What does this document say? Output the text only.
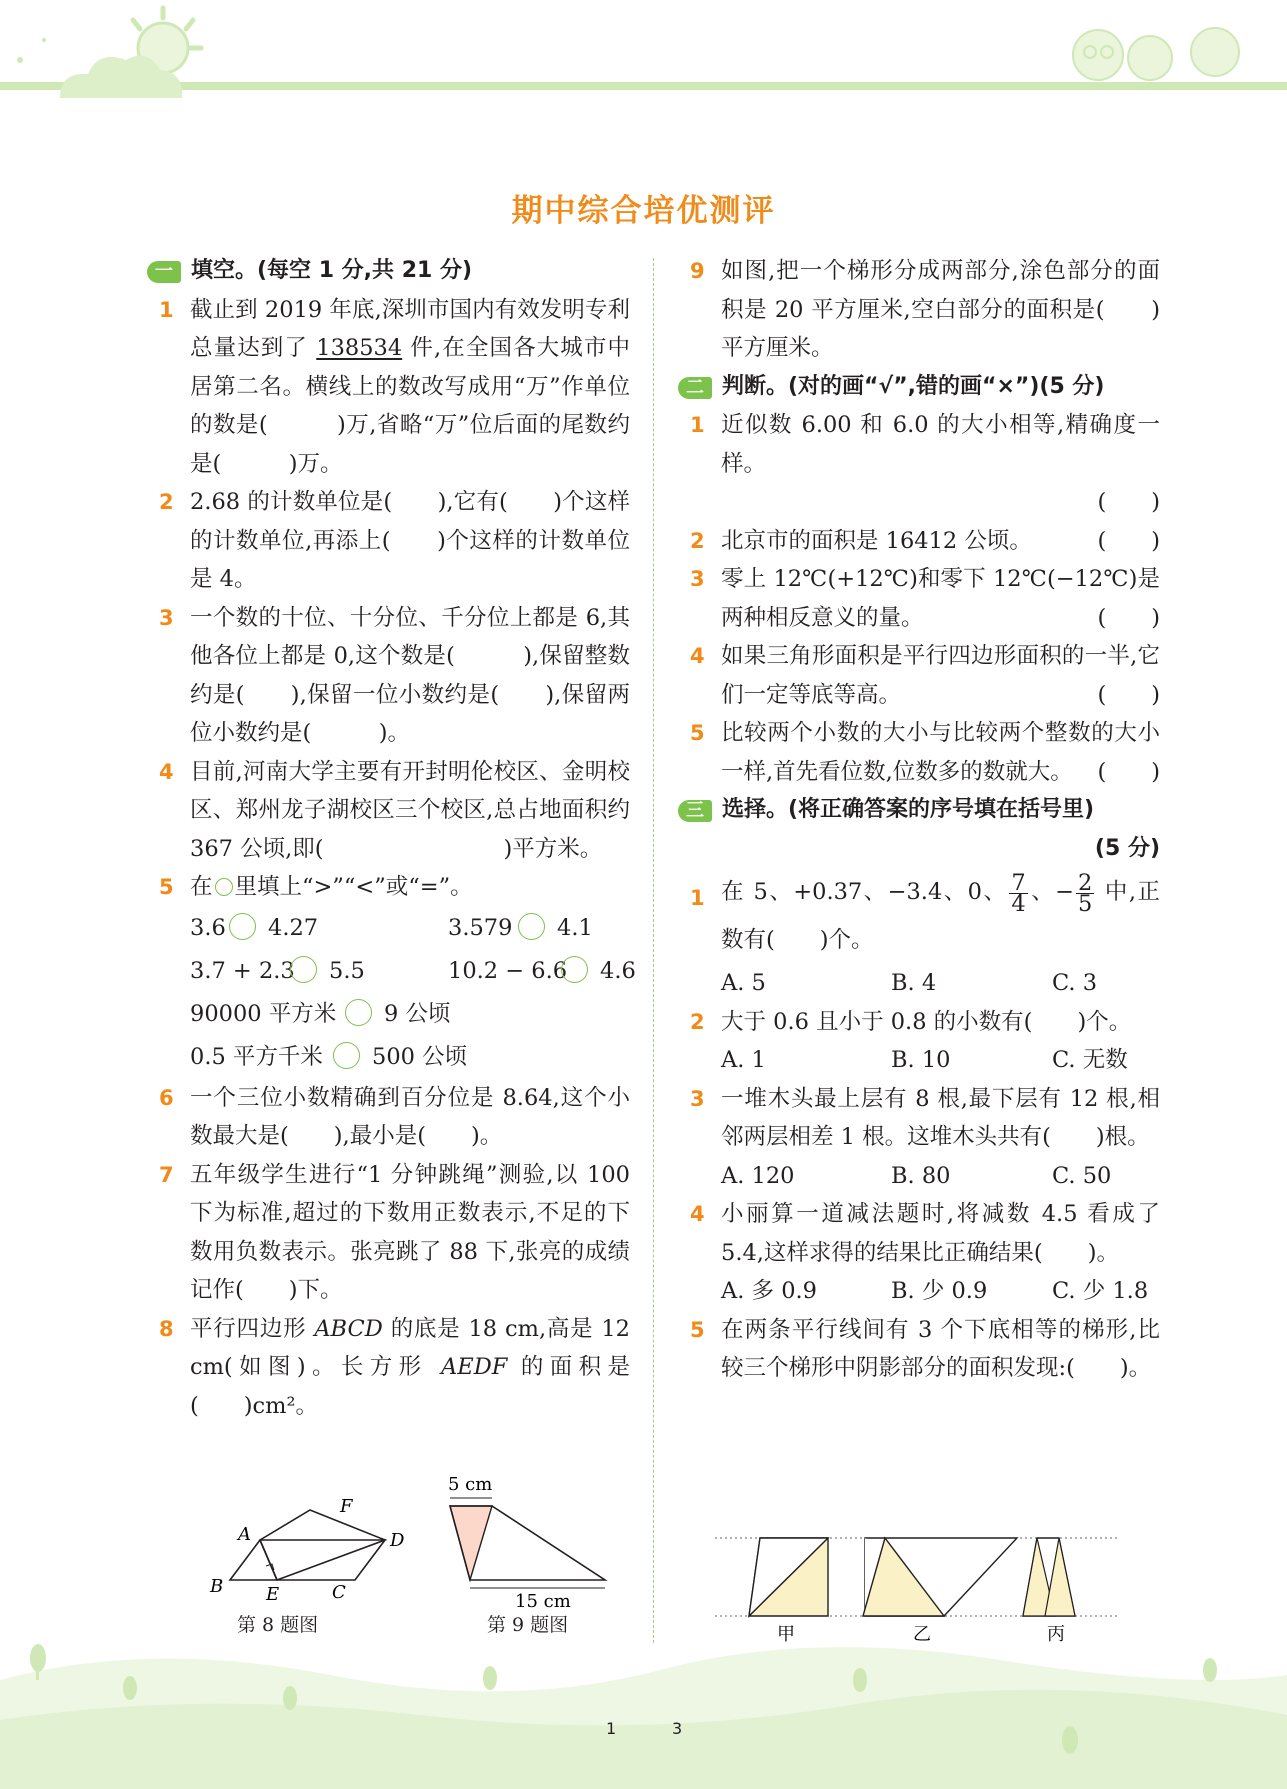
期中综合培优测评
一 填空。(每空 1 分,共 21 分)
1 截止到 2019 年底,深圳市国内有效发明专利总量达到了 138534 件,在全国各大城市中居第二名。横线上的数改写成用“万”作单位的数是(　　　)万,省略“万”位后面的尾数约是(　　　)万。
2 2.68 的计数单位是(　　),它有(　　)个这样的计数单位,再添上(　　)个这样的计数单位是 4。
3 一个数的十位、十分位、千分位上都是 6,其他各位上都是 0,这个数是(　　　),保留整数约是(　　),保留一位小数约是(　　),保留两位小数约是(　　　)。
4 目前,河南大学主要有开封明伦校区、金明校区、郑州龙子湖校区三个校区,总占地面积约 367 公顷,即(　　　　　　　　)平方米。
5 在 里填上“>”“<”或“=”。
3.6 4.27	3.579 4.1
3.7 + 2.3 5.5	10.2 − 6.6 4.6
90000 平方米 9 公顷
0.5 平方千米 500 公顷
6 一个三位小数精确到百分位是 8.64,这个小数最大是(　　),最小是(　　)。
7 五年级学生进行“1 分钟跳绳”测验,以 100 下为标准,超过的下数用正数表示,不足的下数用负数表示。张亮跳了 88 下,张亮的成绩记作(　　)下。
8 平行四边形 ABCD 的底是 18 cm,高是 12 cm(如图)。长方形 AEDF 的面积是(　　)cm²。
A
B	C
D
E
F
第 8 题图
5 cm
15 cm
第 9 题图
9 如图,把一个梯形分成两部分,涂色部分的面积是 20 平方厘米,空白部分的面积是(　　)平方厘米。
二 判断。(对的画“√”,错的画“×”)(5 分)
1 近似数 6.00 和 6.0 的大小相等,精确度一样。
(　　)
2 北京市的面积是 16412 公顷。	(　　)
3 零上 12℃(+12℃)和零下 12℃(−12℃)是两种相反意义的量。	(　　)
4 如果三角形面积是平行四边形面积的一半,它们一定等底等高。	(　　)
5 比较两个小数的大小与比较两个整数的大小一样,首先看位数,位数多的数就大。 (　　)
三 选择。(将正确答案的序号填在括号里)
(5 分)
1 在 5、+0.37、−3.4、0、 $\frac{7}{4}$ 、− $\frac{2}{5}$ 中,正数有(　　)个。
A. 5	B. 4	C. 3
2 大于 0.6 且小于 0.8 的小数有(　　)个。
A. 1	B. 10	C. 无数
3 一堆木头最上层有 8 根,最下层有 12 根,相邻两层相差 1 根。这堆木头共有(　　)根。
A. 120	B. 80	C. 50
4 小丽算一道减法题时,将减数 4.5 看成了 5.4,这样求得的结果比正确结果(　　)。
A. 多 0.9	B. 少 0.9	C. 少 1.8
5 在两条平行线间有 3 个下底相等的梯形,比较三个梯形中阴影部分的面积发现:(　　)。
甲	乙	丙
1	3
